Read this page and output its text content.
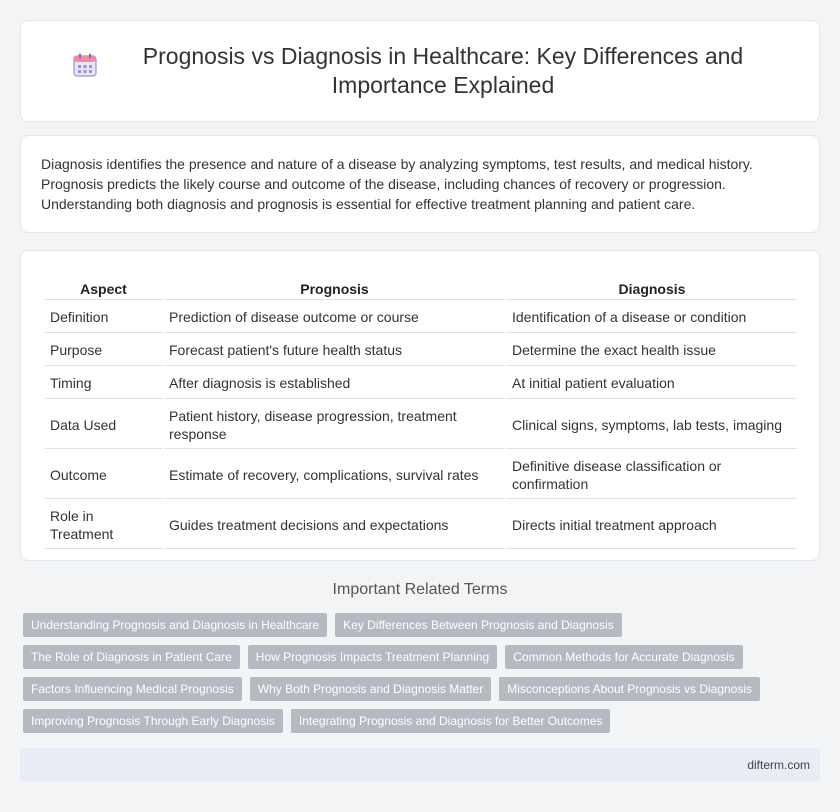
Prognosis vs Diagnosis in Healthcare: Key Differences and Importance Explained

Diagnosis identifies the presence and nature of a disease by analyzing symptoms, test results, and medical history. Prognosis predicts the likely course and outcome of the disease, including chances of recovery or progression. Understanding both diagnosis and prognosis is essential for effective treatment planning and patient care.

Aspect	Prognosis	Diagnosis
Definition	Prediction of disease outcome or course	Identification of a disease or condition
Purpose	Forecast patient's future health status	Determine the exact health issue
Timing	After diagnosis is established	At initial patient evaluation
Data Used	Patient history, disease progression, treatment response	Clinical signs, symptoms, lab tests, imaging
Outcome	Estimate of recovery, complications, survival rates	Definitive disease classification or confirmation
Role in Treatment	Guides treatment decisions and expectations	Directs initial treatment approach
Important Related Terms
Understanding Prognosis and Diagnosis in Healthcare	Key Differences Between Prognosis and Diagnosis
The Role of Diagnosis in Patient Care	How Prognosis Impacts Treatment Planning	Common Methods for Accurate Diagnosis
Factors Influencing Medical Prognosis	Why Both Prognosis and Diagnosis Matter	Misconceptions About Prognosis vs Diagnosis
Improving Prognosis Through Early Diagnosis	Integrating Prognosis and Diagnosis for Better Outcomes
difterm.com
